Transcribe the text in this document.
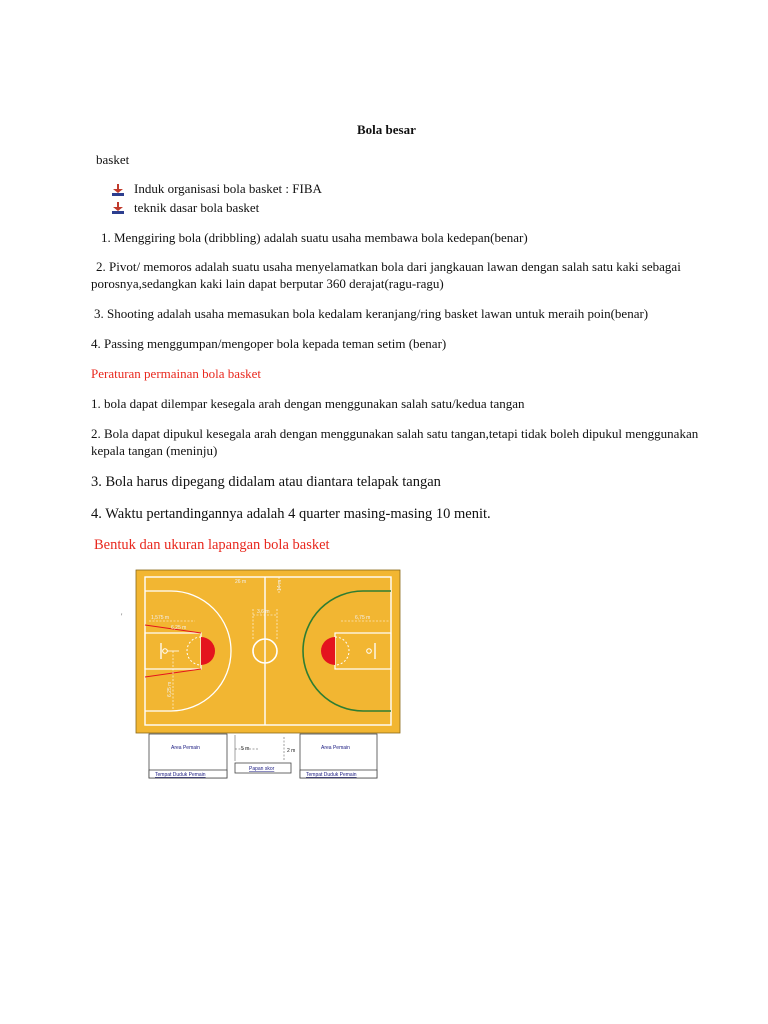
Bola besar
basket
Induk organisasi bola basket : FIBA
teknik dasar bola basket
1. Menggiring bola (dribbling) adalah suatu usaha membawa bola kedepan(benar)
2. Pivot/ memoros adalah suatu usaha menyelamatkan bola dari jangkauan lawan dengan salah satu kaki sebagai
porosnya,sedangkan kaki lain dapat berputar 360 derajat(ragu-ragu)
3. Shooting adalah usaha memasukan bola kedalam keranjang/ring basket lawan untuk meraih poin(benar)
4. Passing menggumpan/mengoper bola kepada teman setim (benar)
Peraturan permainan bola basket
1. bola dapat dilempar kesegala arah dengan menggunakan salah satu/kedua tangan
2. Bola dapat dipukul kesegala arah dengan menggunakan salah satu tangan,tetapi tidak boleh dipukul menggunakan
kepala tangan (meninju)
3. Bola harus dipegang didalam atau diantara telapak tangan
4. Waktu pertandingannya adalah 4 quarter masing-masing 10 menit.
Bentuk dan ukuran lapangan bola basket
'
26 m	14 m
3,6 m
1,575 m
6,25 m
6,75 m
6,25 m
Area Pemain	Area Pemain
5 m	2 m
Papan skor
Tempat Duduk Pemain	Tempat Duduk Pemain
